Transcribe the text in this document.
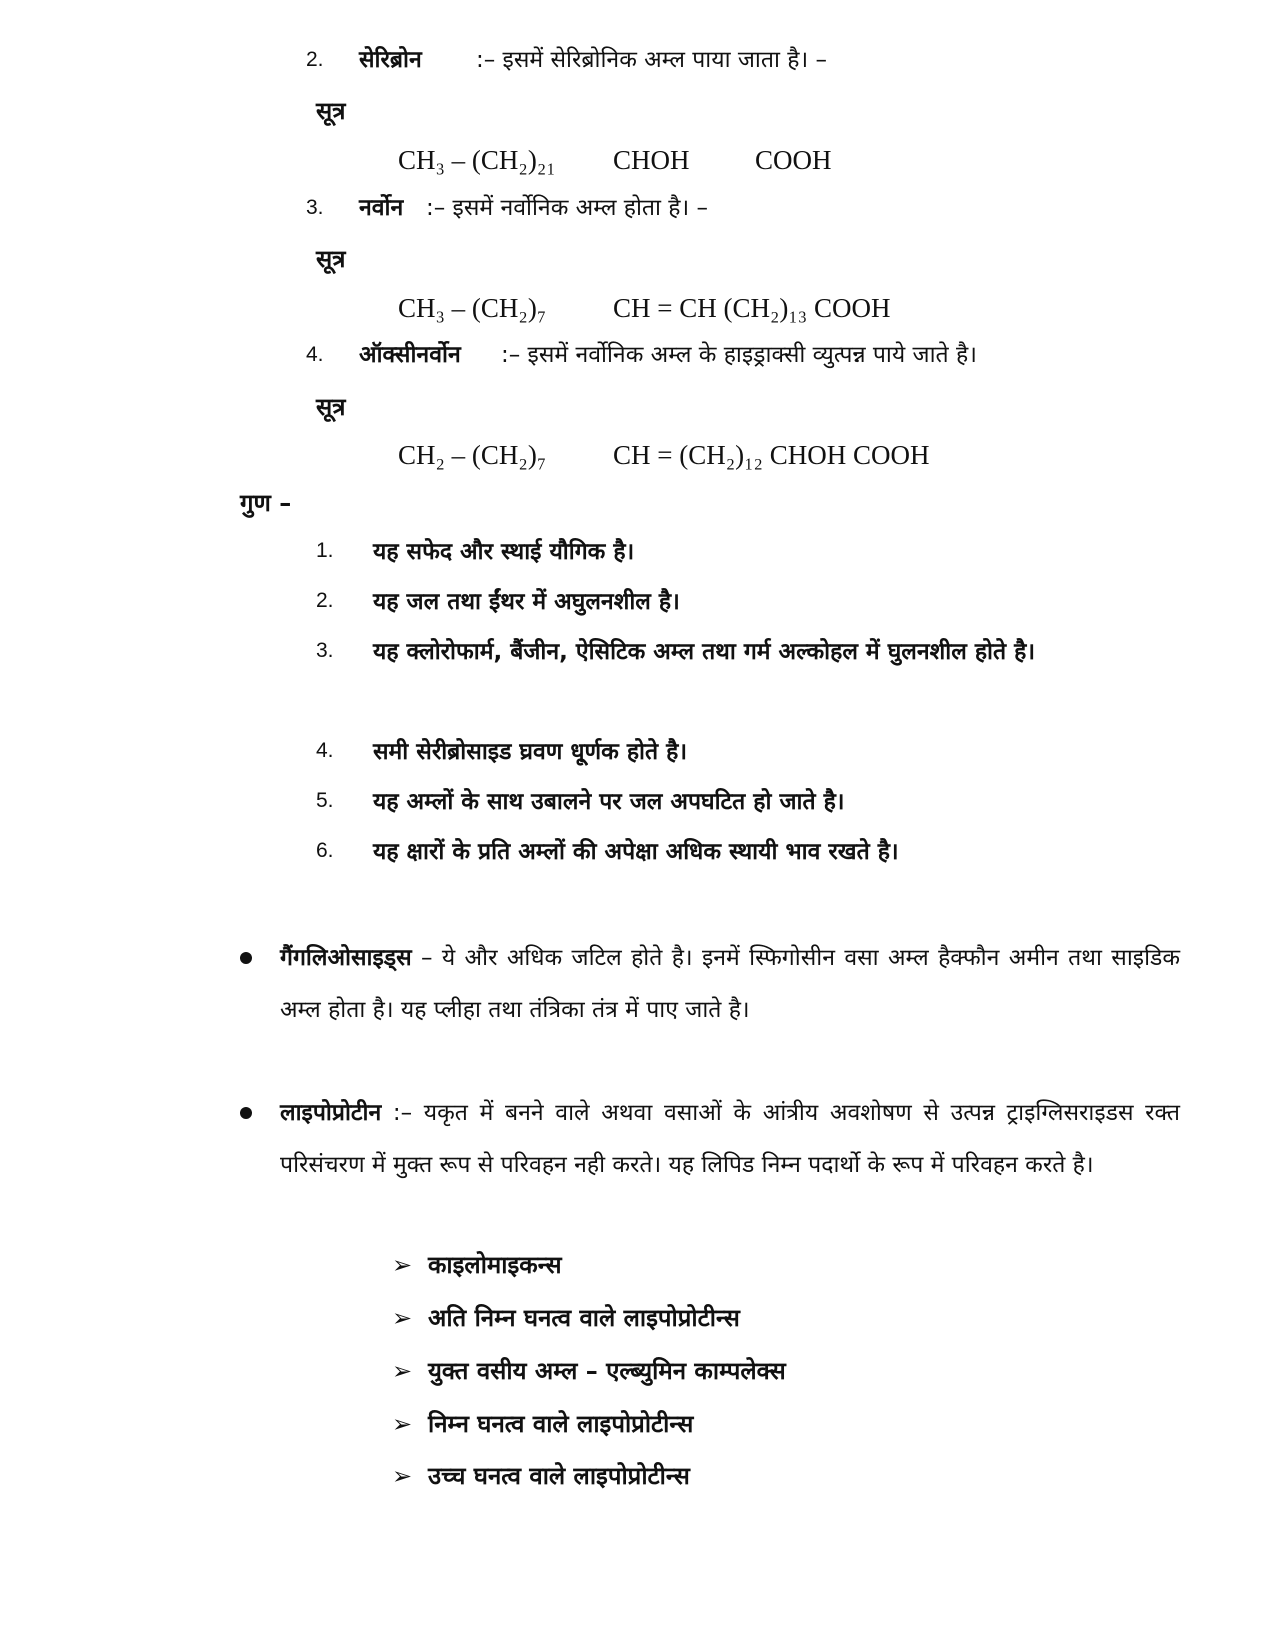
2. सेरिब्रोन :– इसमें सेरिब्रोनिक अम्ल पाया जाता है। –
सूत्र
CH₃ – (CH₂)₂₁ CHOH COOH
3. नर्वोन :– इसमें नर्वोनिक अम्ल होता है। –
सूत्र
CH₃ – (CH₂)₇ CH = CH (CH₂)₁₃ COOH
4. ऑक्सीनर्वोन :– इसमें नर्वोनिक अम्ल के हाइड्राक्सी व्युत्पन्न पाये जाते है।
सूत्र
CH₂ – (CH₂)₇ CH = (CH₂)₁₂ CHOH COOH
गुण –
1. यह सफेद और स्थाई यौगिक है।
2. यह जल तथा ईंथर में अघुलनशील है।
3. यह क्लोरोफार्म, बैंजीन, ऐसिटिक अम्ल तथा गर्म अल्कोहल में घुलनशील होते है।
4. समी सेरीब्रोसाइड घ्रवण धू्र्णक होते है।
5. यह अम्लों के साथ उबालने पर जल अपघटित हो जाते है।
6. यह क्षारों के प्रति अम्लों की अपेक्षा अधिक स्थायी भाव रखते है।
गैंगलिओसाइड्स – ये और अधिक जटिल होते है। इनमें स्फिगोसीन वसा अम्ल हैक्फौन अमीन तथा साइडिक अम्ल होता है। यह प्लीहा तथा तंत्रिका तंत्र में पाए जाते है।
लाइपोप्रोटीन :– यकृत में बनने वाले अथवा वसाओं के आंत्रीय अवशोषण से उत्पन्न ट्राइग्लिसराइडस रक्त परिसंचरण में मुक्त रूप से परिवहन नही करते। यह लिपिड निम्न पदार्थो के रूप में परिवहन करते है।
➢ काइलोमाइकन्स
➢ अति निम्न घनत्व वाले लाइपोप्रोटीन्स
➢ युक्त वसीय अम्ल – एल्ब्युमिन काम्पलेक्स
➢ निम्न घनत्व वाले लाइपोप्रोटीन्स
➢ उच्च घनत्व वाले लाइपोप्रोटीन्स
